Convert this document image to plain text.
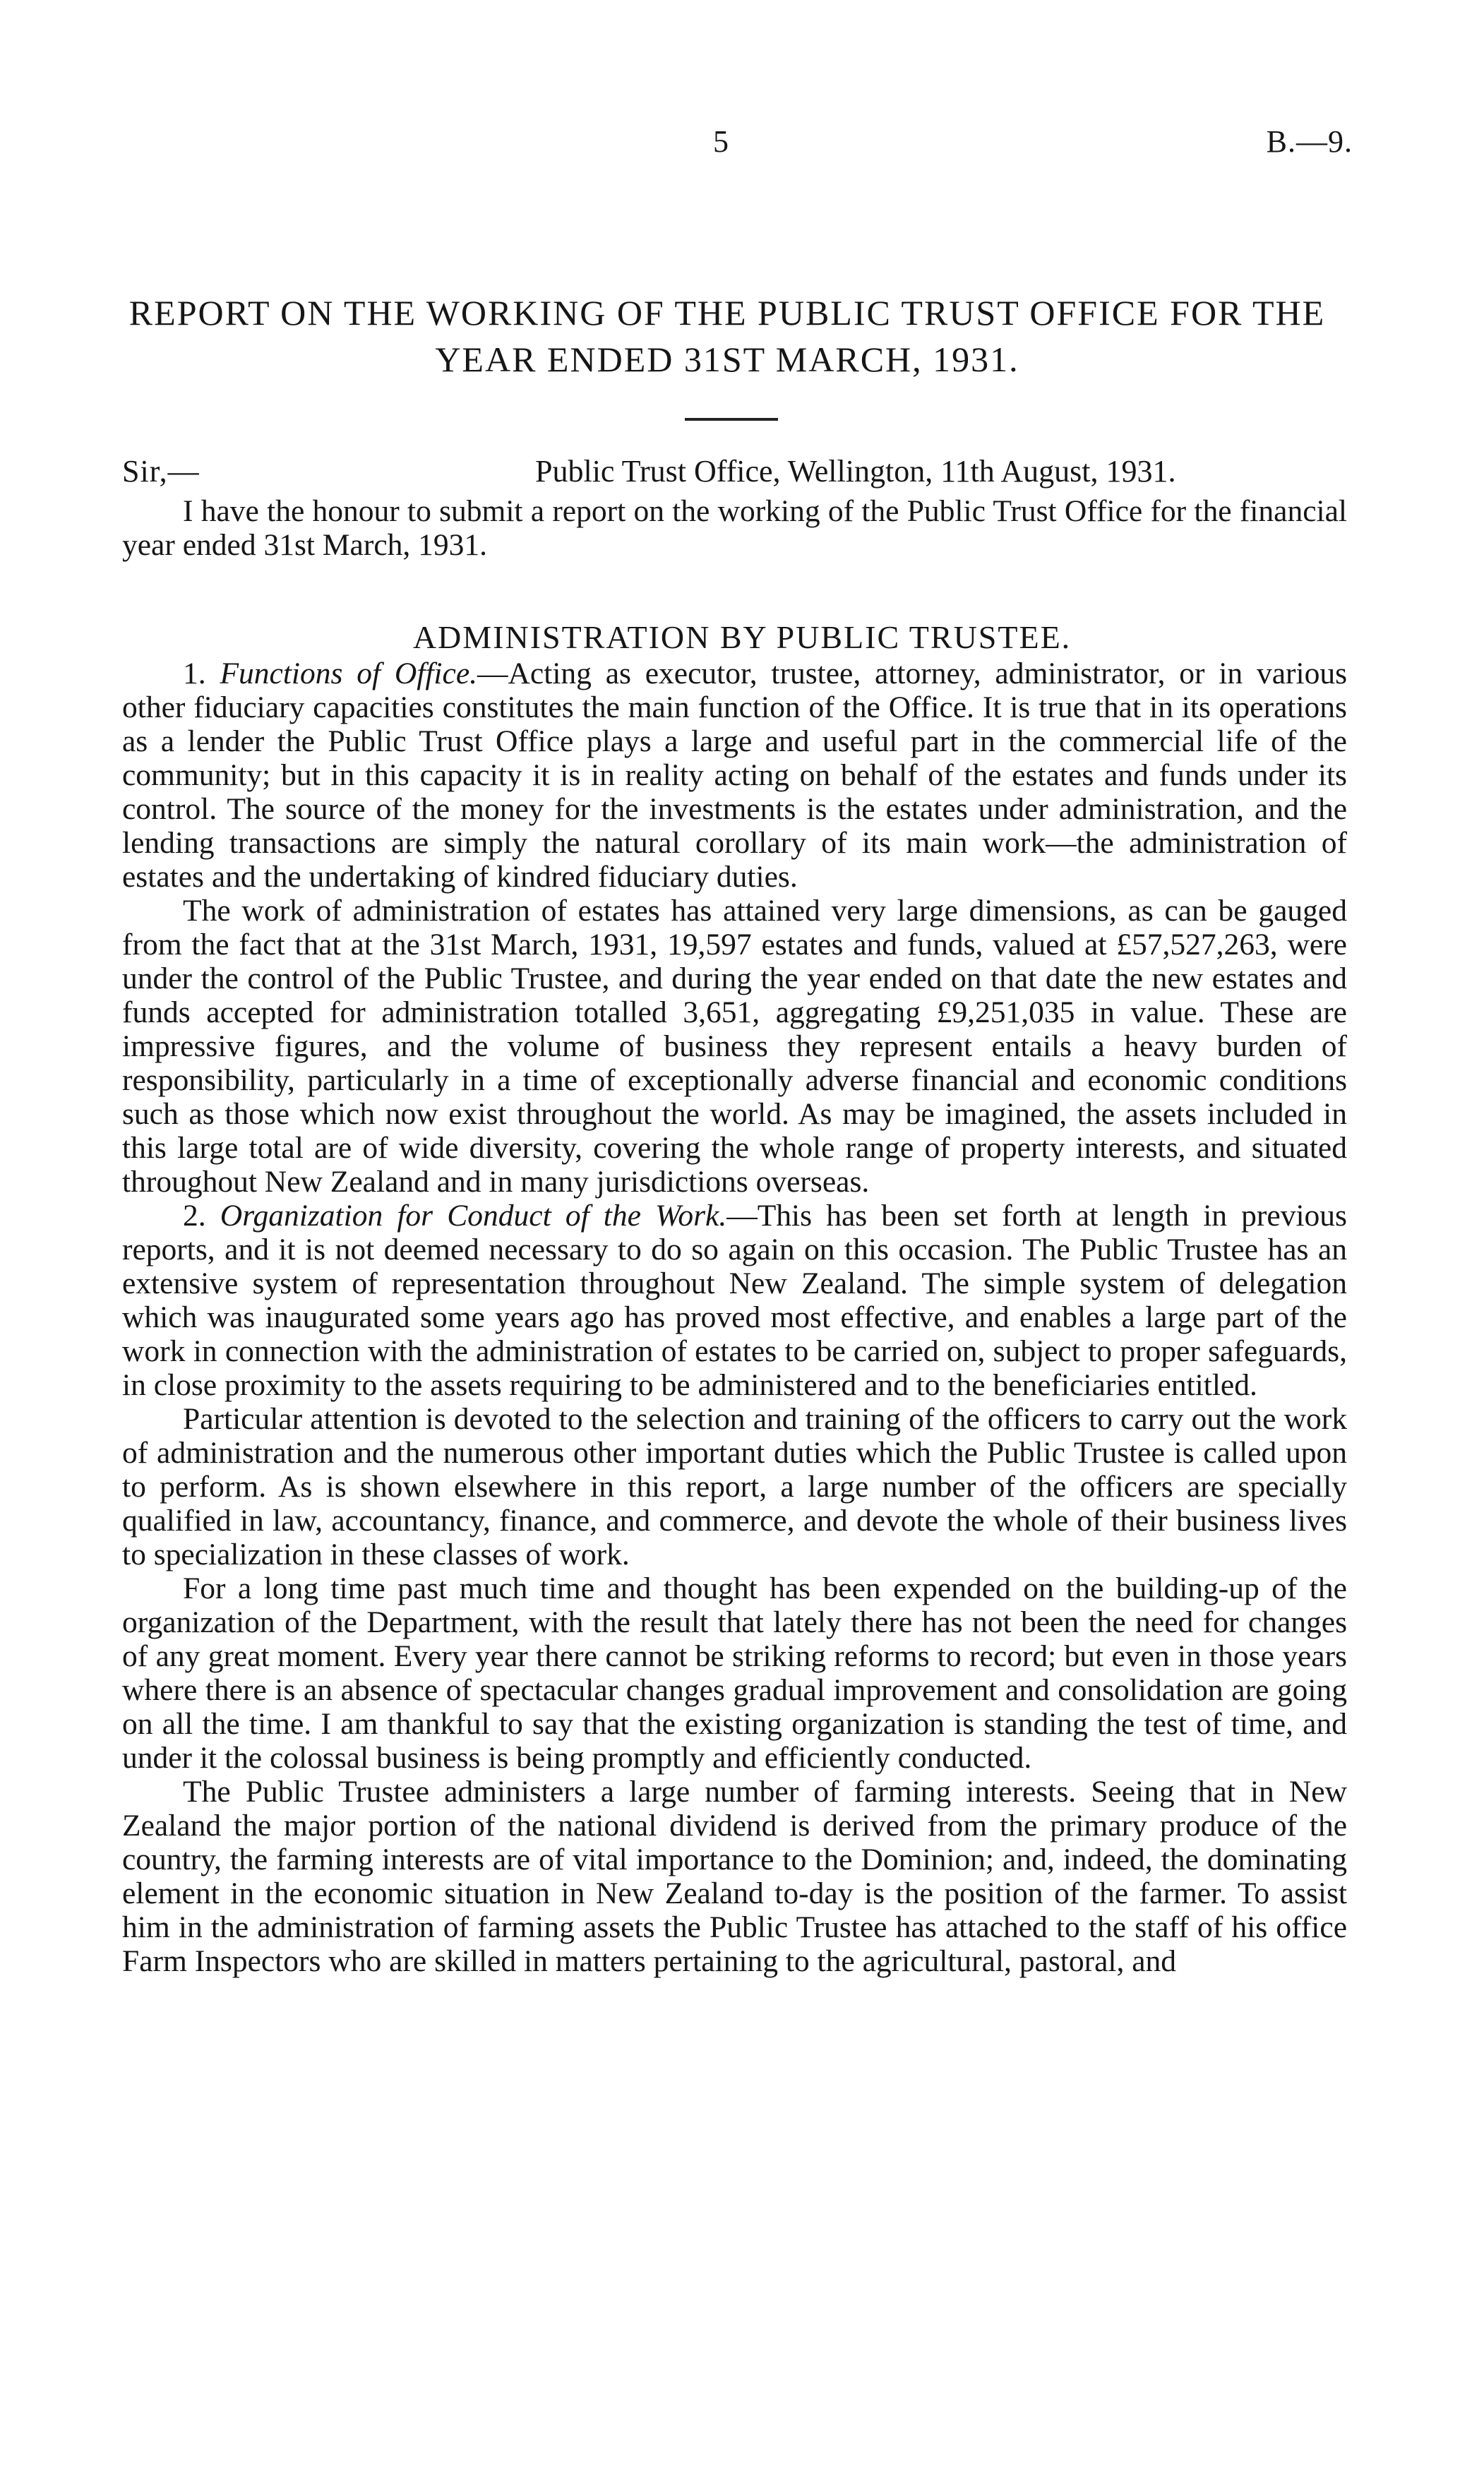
5	B.—9.
REPORT ON THE WORKING OF THE PUBLIC TRUST OFFICE FOR THE YEAR ENDED 31ST MARCH, 1931.
Sir,—	Public Trust Office, Wellington, 11th August, 1931.

I have the honour to submit a report on the working of the Public Trust Office for the financial year ended 31st March, 1931.

ADMINISTRATION BY PUBLIC TRUSTEE.

1. Functions of Office.—Acting as executor, trustee, attorney, administrator, or in various other fiduciary capacities constitutes the main function of the Office. It is true that in its operations as a lender the Public Trust Office plays a large and useful part in the commercial life of the community; but in this capacity it is in reality acting on behalf of the estates and funds under its control. The source of the money for the investments is the estates under administration, and the lending transactions are simply the natural corollary of its main work—the administration of estates and the undertaking of kindred fiduciary duties.

The work of administration of estates has attained very large dimensions, as can be gauged from the fact that at the 31st March, 1931, 19,597 estates and funds, valued at £57,527,263, were under the control of the Public Trustee, and during the year ended on that date the new estates and funds accepted for administration totalled 3,651, aggregating £9,251,035 in value. These are impressive figures, and the volume of business they represent entails a heavy burden of responsibility, particularly in a time of exceptionally adverse financial and economic conditions such as those which now exist throughout the world. As may be imagined, the assets included in this large total are of wide diversity, covering the whole range of property interests, and situated throughout New Zealand and in many jurisdictions overseas.

2. Organization for Conduct of the Work.—This has been set forth at length in previous reports, and it is not deemed necessary to do so again on this occasion. The Public Trustee has an extensive system of representation throughout New Zealand. The simple system of delegation which was inaugurated some years ago has proved most effective, and enables a large part of the work in connection with the administration of estates to be carried on, subject to proper safeguards, in close proximity to the assets requiring to be administered and to the beneficiaries entitled.

Particular attention is devoted to the selection and training of the officers to carry out the work of administration and the numerous other important duties which the Public Trustee is called upon to perform. As is shown elsewhere in this report, a large number of the officers are specially qualified in law, accountancy, finance, and commerce, and devote the whole of their business lives to specialization in these classes of work.

For a long time past much time and thought has been expended on the building-up of the organization of the Department, with the result that lately there has not been the need for changes of any great moment. Every year there cannot be striking reforms to record; but even in those years where there is an absence of spectacular changes gradual improvement and consolidation are going on all the time. I am thankful to say that the existing organization is standing the test of time, and under it the colossal business is being promptly and efficiently conducted.

The Public Trustee administers a large number of farming interests. Seeing that in New Zealand the major portion of the national dividend is derived from the primary produce of the country, the farming interests are of vital importance to the Dominion; and, indeed, the dominating element in the economic situation in New Zealand to-day is the position of the farmer. To assist him in the administration of farming assets the Public Trustee has attached to the staff of his office Farm Inspectors who are skilled in matters pertaining to the agricultural, pastoral, and
